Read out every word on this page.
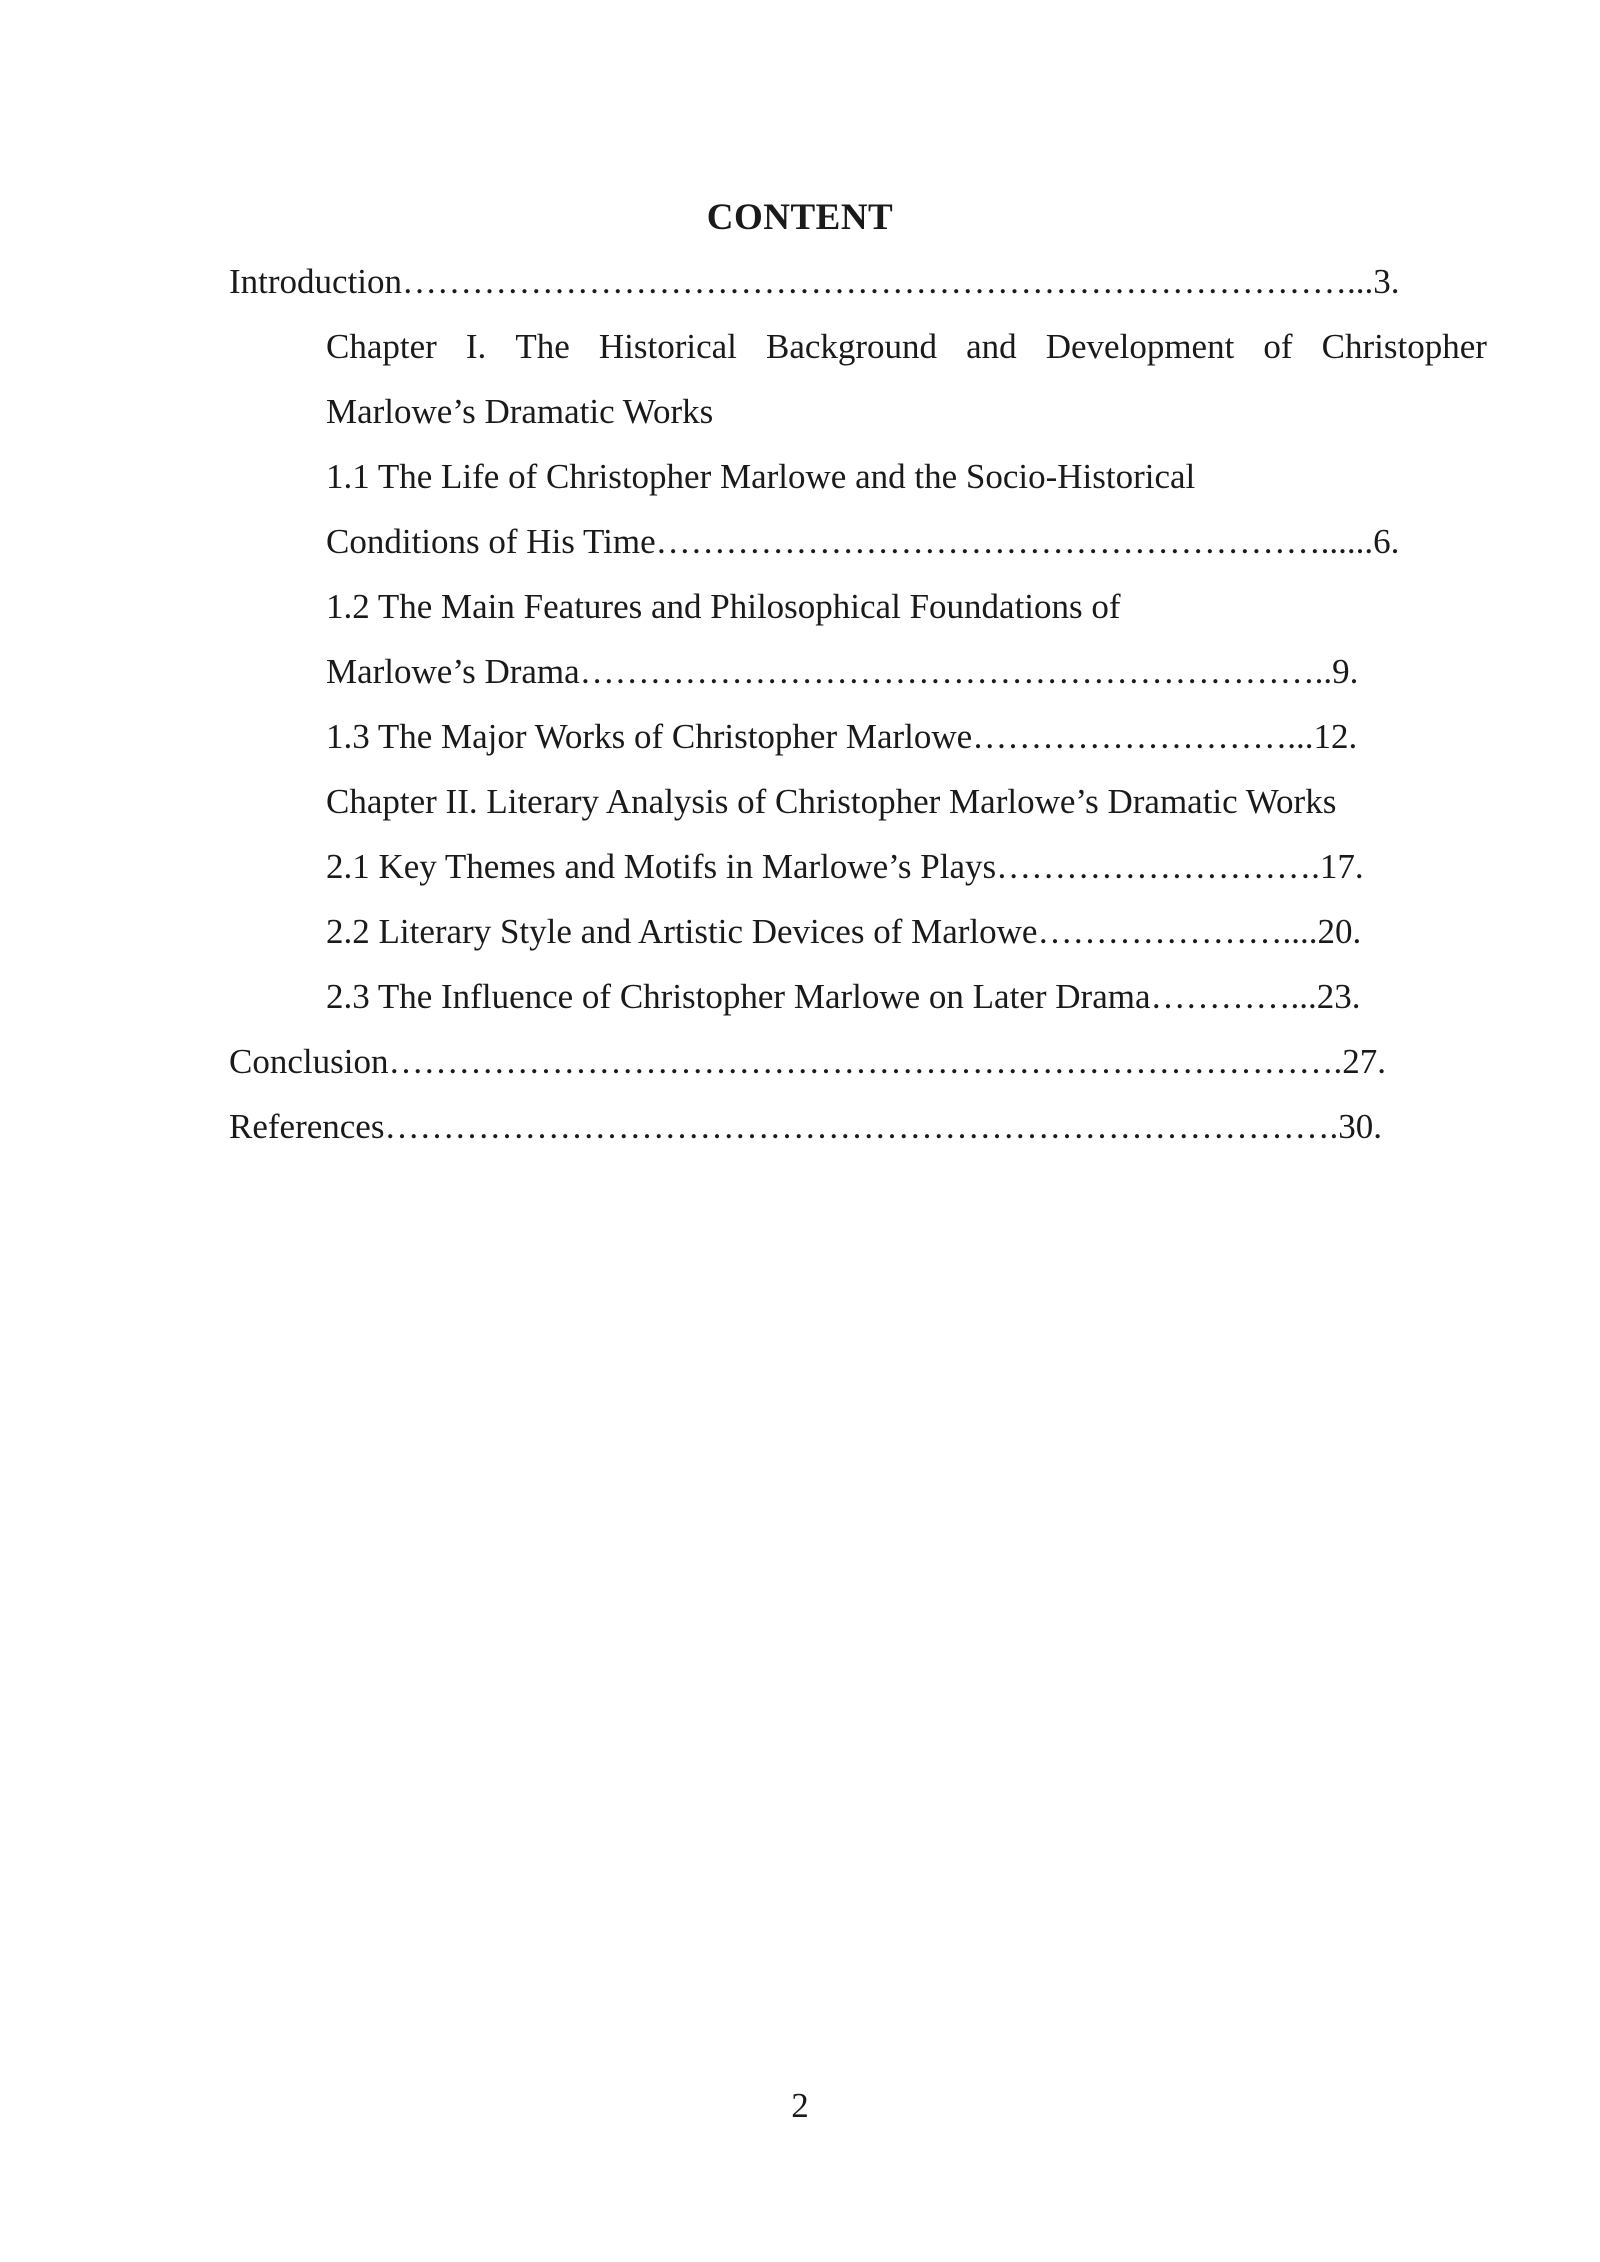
CONTENT
Introduction………………………………………………………………………...3.
Chapter I. The Historical Background and Development of Christopher
Marlowe’s Dramatic Works
1.1 The Life of Christopher Marlowe and the Socio-Historical
Conditions of His Time…………………………………………………......6.
1.2 The Main Features and Philosophical Foundations of
Marlowe’s Drama………………………………………………………..9.
1.3 The Major Works of Christopher Marlowe………………………...12.
Chapter II. Literary Analysis of Christopher Marlowe’s Dramatic Works
2.1 Key Themes and Motifs in Marlowe’s Plays……………………….17.
2.2 Literary Style and Artistic Devices of Marlowe…………………....20.
2.3 The Influence of Christopher Marlowe on Later Drama…………...23.
Conclusion……………………………………………………………………….27.
References……………………………………………………………………….30.
2
